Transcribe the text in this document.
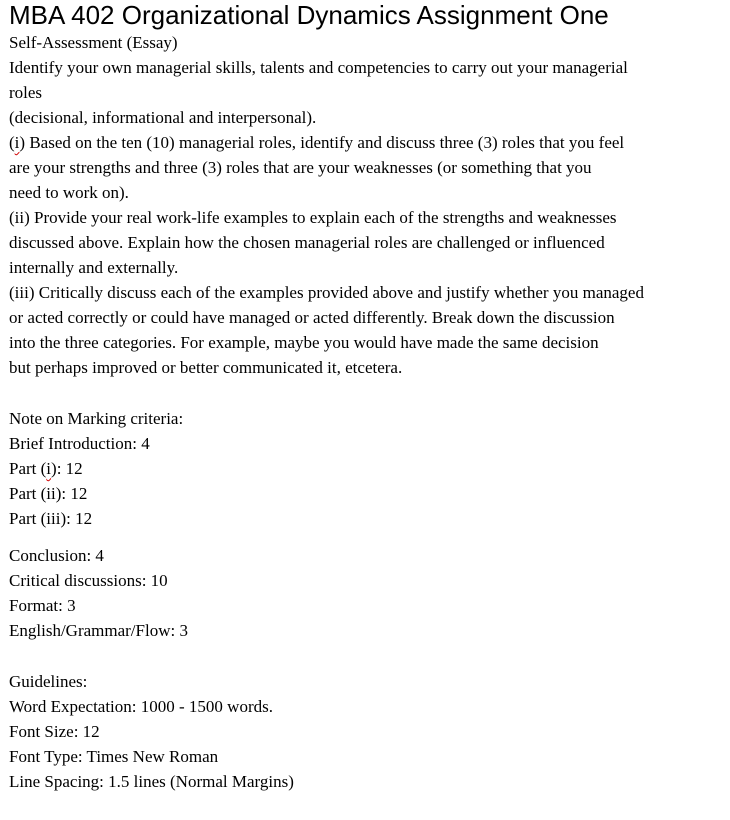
MBA 402 Organizational Dynamics Assignment One

Self-Assessment (Essay)

Identify your own managerial skills, talents and competencies to carry out your managerial

roles

(decisional, informational and interpersonal).

(i) Based on the ten (10) managerial roles, identify and discuss three (3) roles that you feel

are your strengths and three (3) roles that are your weaknesses (or something that you

need to work on).

(ii) Provide your real work-life examples to explain each of the strengths and weaknesses

discussed above. Explain how the chosen managerial roles are challenged or influenced

internally and externally.

(iii) Critically discuss each of the examples provided above and justify whether you managed

or acted correctly or could have managed or acted differently. Break down the discussion

into the three categories. For example, maybe you would have made the same decision

but perhaps improved or better communicated it, etcetera.

Note on Marking criteria:

Brief Introduction: 4

Part (i): 12

Part (ii): 12

Part (iii): 12

Conclusion: 4

Critical discussions: 10

Format: 3

English/Grammar/Flow: 3

Guidelines:

Word Expectation: 1000 - 1500 words.

Font Size: 12

Font Type: Times New Roman

Line Spacing: 1.5 lines (Normal Margins)
